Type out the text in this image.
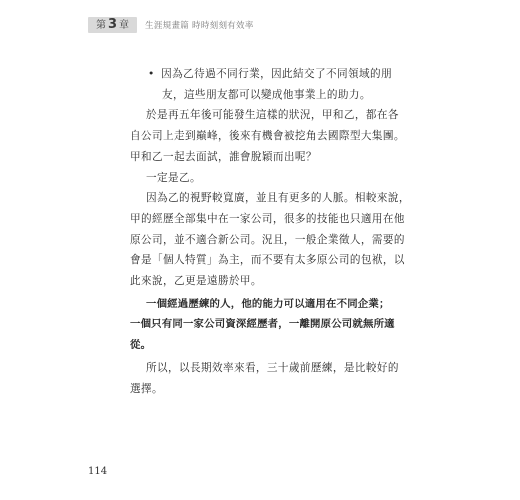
第 3 章 生涯規畫篇 時時刻刻有效率
• 因為乙待過不同行業，因此結交了不同領域的朋
友，這些朋友都可以變成他事業上的助力。
於是再五年後可能發生這樣的狀況，甲和乙，都在各
自公司上走到巔峰，後來有機會被挖角去國際型大集團。
甲和乙一起去面試，誰會脫穎而出呢？
一定是乙。
因為乙的視野較寬廣，並且有更多的人脈。相較來說，
甲的經歷全部集中在一家公司，很多的技能也只適用在他
原公司，並不適合新公司。況且，一般企業徵人，需要的
會是「個人特質」為主，而不要有太多原公司的包袱，以
此來說，乙更是遠勝於甲。
一個經過歷練的人，他的能力可以適用在不同企業；
一個只有同一家公司資深經歷者，一離開原公司就無所適
從。
所以，以長期效率來看，三十歲前歷練，是比較好的
選擇。
114
